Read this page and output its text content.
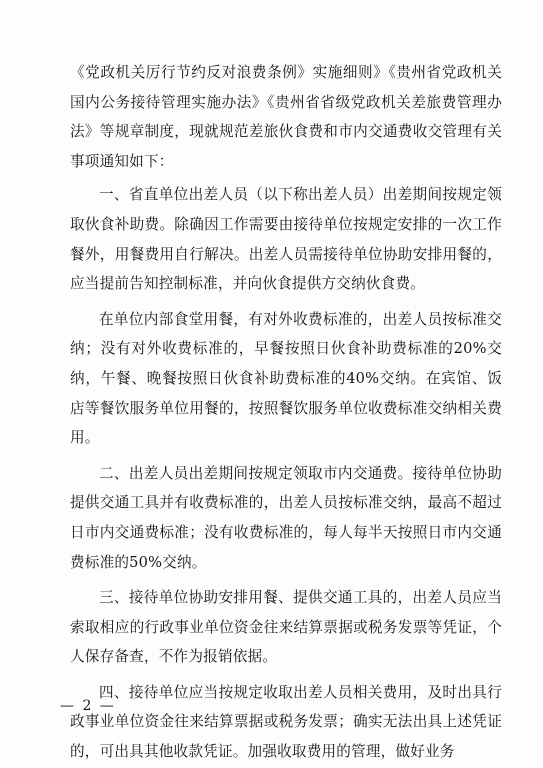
《党政机关厉行节约反对浪费条例》实施细则》《贵州省党政机关国内公务接待管理实施办法》《贵州省省级党政机关差旅费管理办法》等规章制度，现就规范差旅伙食费和市内交通费收交管理有关事项通知如下：

一、省直单位出差人员（以下称出差人员）出差期间按规定领取伙食补助费。除确因工作需要由接待单位按规定安排的一次工作餐外，用餐费用自行解决。出差人员需接待单位协助安排用餐的，应当提前告知控制标准，并向伙食提供方交纳伙食费。

在单位内部食堂用餐，有对外收费标准的，出差人员按标准交纳；没有对外收费标准的，早餐按照日伙食补助费标准的20%交纳，午餐、晚餐按照日伙食补助费标准的40%交纳。在宾馆、饭店等餐饮服务单位用餐的，按照餐饮服务单位收费标准交纳相关费用。

二、出差人员出差期间按规定领取市内交通费。接待单位协助提供交通工具并有收费标准的，出差人员按标准交纳，最高不超过日市内交通费标准；没有收费标准的，每人每半天按照日市内交通费标准的50%交纳。

三、接待单位协助安排用餐、提供交通工具的，出差人员应当索取相应的行政事业单位资金往来结算票据或税务发票等凭证，个人保存备查，不作为报销依据。

四、接待单位应当按规定收取出差人员相关费用，及时出具行政事业单位资金往来结算票据或税务发票；确实无法出具上述凭证的，可出具其他收款凭证。加强收取费用的管理，做好业务

— 2 —
